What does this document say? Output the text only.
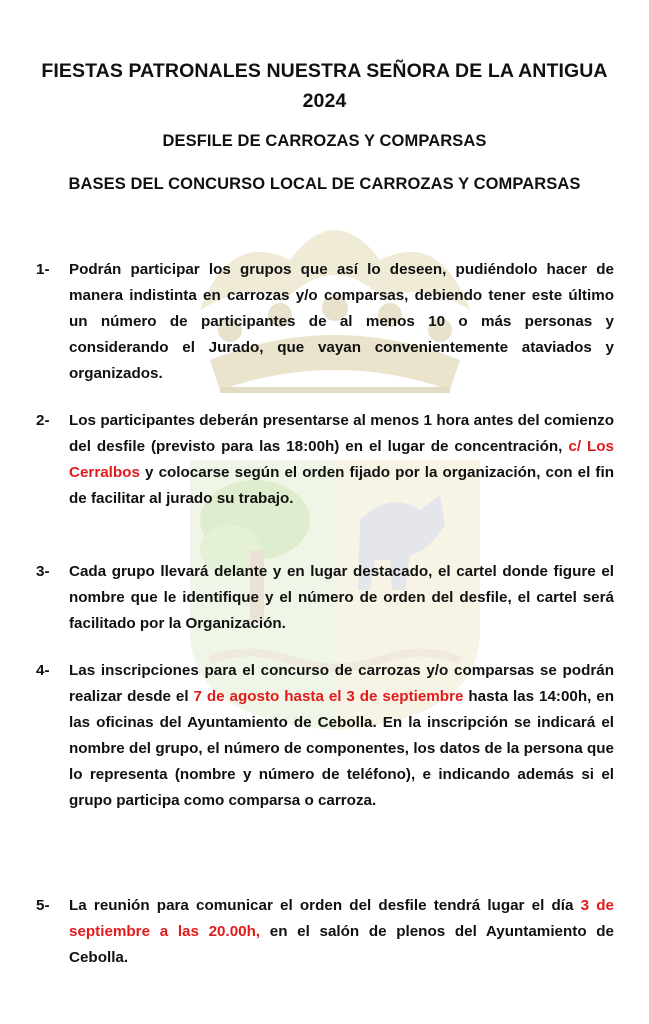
FIESTAS PATRONALES NUESTRA SEÑORA DE LA ANTIGUA
2024
DESFILE DE CARROZAS Y COMPARSAS
BASES DEL CONCURSO LOCAL DE CARROZAS Y COMPARSAS
1-	Podrán participar los grupos que así lo deseen, pudiéndolo hacer de manera indistinta en carrozas y/o comparsas, debiendo tener este último un número de participantes de al menos 10 o más personas y considerando el Jurado, que vayan convenientemente ataviados y organizados.
2-	Los participantes deberán presentarse al menos 1 hora antes del comienzo del desfile (previsto para las 18:00h) en el lugar de concentración, c/ Los Cerralbos y colocarse según el orden fijado por la organización, con el fin de facilitar al jurado su trabajo.
3-	Cada grupo llevará delante y en lugar destacado, el cartel donde figure el nombre que le identifique y el número de orden del desfile, el cartel será facilitado por la Organización.
4-	Las inscripciones para el concurso de carrozas y/o comparsas se podrán realizar desde el 7 de agosto hasta el 3 de septiembre hasta las 14:00h, en las oficinas del Ayuntamiento de Cebolla. En la inscripción se indicará el nombre del grupo, el número de componentes, los datos de la persona que lo representa (nombre y número de teléfono), e indicando además si el grupo participa como comparsa o carroza.
5-	La reunión para comunicar el orden del desfile tendrá lugar el día 3 de septiembre a las 20.00h, en el salón de plenos del Ayuntamiento de Cebolla.
